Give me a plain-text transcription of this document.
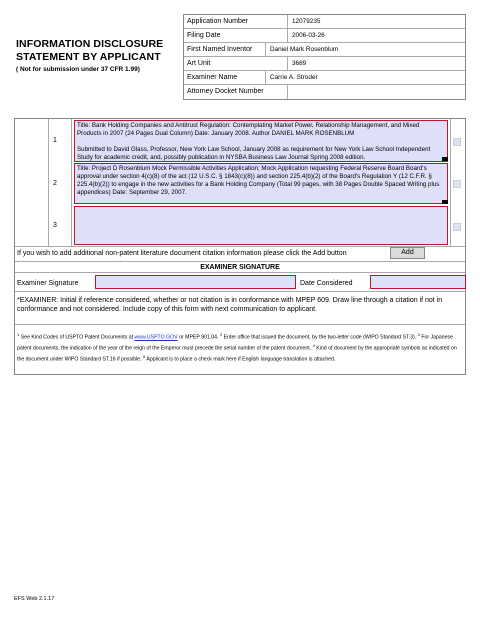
INFORMATION DISCLOSURE
STATEMENT BY APPLICANT
( Not for submission under 37 CFR 1.99)
Application Number	12079235
Filing Date	2006-03-26
First Named Inventor	Daniel Mark Rosenblum
Art Unit	3689
Examiner Name	Carrie A. Stroder
Attorney Docket Number
1

Title: Bank Holding Companies and Antitrust Regulation: Contemplating Market Power, Relationship Management, and Mixed Products in 2007 (24 Pages Dual Column) Date: January 2008. Author DANIEL MARK ROSENBLUM

Submitted to David Glass, Professor, New York Law School, January 2008 as requirement for New York Law School Independent Study for academic credit, and, possibly publication in NYSBA Business Law Journal Spring 2008 edition.

2

Title: Project D Rosenblum Mock Permissible Activities Application; Mock Application requesting Federal Reserve Board Board's approval under section 4(c)(8) of the act (12 U.S.C. § 1843(c)(8)) and section 225.4(b)(2) of the Board's Regulation Y (12 C.F.R. § 225.4(b)(2)) to engage in the new activities for a Bank Holding Company (Total 99 pages, with 38 Pages Double Spaced Writing plus appendices) Date: September 29, 2007.

3
If you wish to add additional non-patent literature document citation information please click the Add button	Add
EXAMINER SIGNATURE
Examiner Signature	Date Considered
*EXAMINER: Initial if reference considered, whether or not citation is in conformance with MPEP 609. Draw line through a citation if not in conformance and not considered. Include copy of this form with next communication to applicant.
$^1$ See Kind Codes of USPTO Patent Documents at www.USPTO.GOV or MPEP 901.04. $^2$ Enter office that issued the document, by the two-letter code (WIPO Standard ST.3). $^3$ For Japanese patent documents, the indication of the year of the reign of the Emperor must precede the serial number of the patent document. $^4$ Kind of document by the appropriate symbols as indicated on the document under WIPO Standard ST.16 if possible. $^5$ Applicant is to place a check mark here if English language translation is attached.
EFS Web 2.1.17
